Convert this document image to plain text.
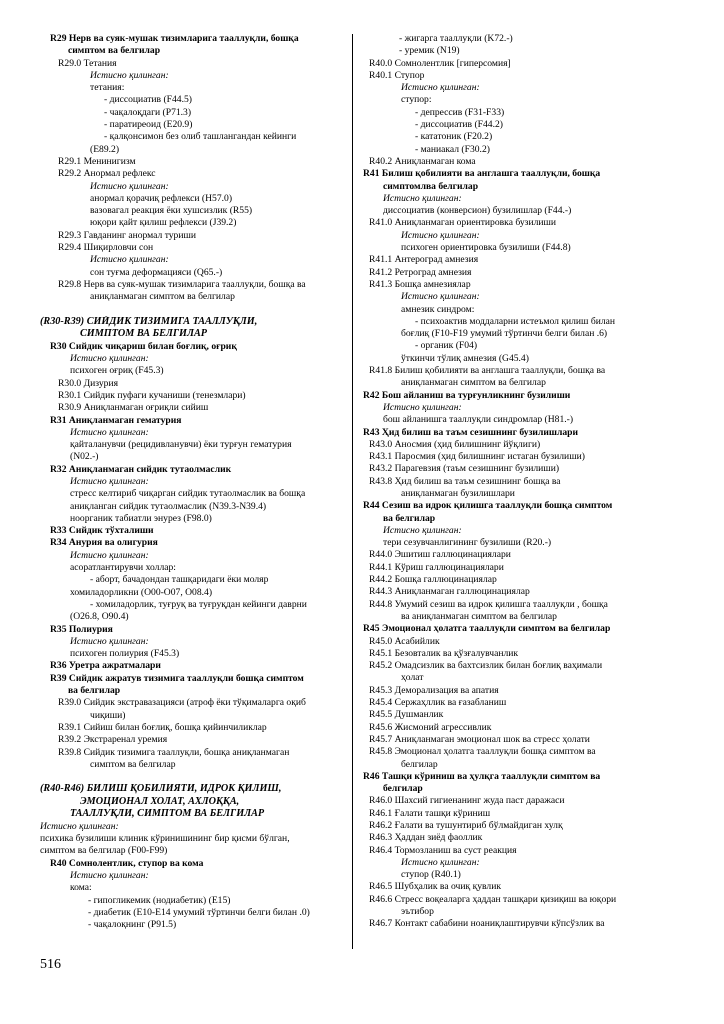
R29 Нерв ва суяк-мушак тизимларига тааллуқли, бошқа
симптом ва белгилар
R29.0 Тетания
Истисно қилинган:
тетания:
- диссоциатив (F44.5)
- чақалоқдаги (P71.3)
- паратиреоид (E20.9)
- қалқонсимон без олиб ташлангандан кейинги
(E89.2)
R29.1 Менинигизм
R29.2 Анормал рефлекс
Истисно қилинган:
анормал қорачиқ рефлекси (H57.0)
вазовагал реакция ёки хушсизлик (R55)
юқори қайт қилиш рефлекси (J39.2)
R29.3 Гавданинг анормал туриши
R29.4 Шиқирловчи сон
Истисно қилинган:
сон туғма деформацияси (Q65.-)
R29.8 Нерв ва суяк-мушак тизимларига тааллуқли, бошқа ва
аниқланмаган симптом ва белгилар
(R30-R39) СИЙДИК ТИЗИМИГА ТААЛЛУҚЛИ,
СИМПТОМ ВА БЕЛГИЛАР
R30 Сийдик чиқариш билан боғлиқ, оғриқ
Истисно қилинган:
психоген оғриқ (F45.3)
R30.0 Дизурия
R30.1 Сийдик пуфаги кучаниши (тенезмлари)
R30.9 Аниқланмаган оғриқли сийиш
R31 Аниқланмаган гематурия
Истисно қилинган:
қайталанувчи (рецидивланувчи) ёки турғун гематурия
(N02.-)
R32 Аниқланмаган сийдик тутаолмаслик
Истисно қилинган:
стресс келтириб чиқарган сийдик тутаолмаслик ва бошқа
аниқланган сийдик тутаолмаслик (N39.3-N39.4)
ноорганик табиатли энурез (F98.0)
R33 Сийдик тўхталиши
R34 Анурия ва олигурия
Истисно қилинган:
асоратлантирувчи холлар:
- аборт, бачадондан ташқаридаги ёки моляр
хомиладорликни (O00-O07, O08.4)
- хомиладорлик, туғруқ ва туғруқдан кейинги даврни
(O26.8, O90.4)
R35 Полиурия
Истисно қилинган:
психоген полиурия (F45.3)
R36 Уретра ажратмалари
R39 Сийдик ажратув тизимига тааллуқли бошқа симптом
ва белгилар
R39.0 Сийдик экстравазацияси (атроф ёки тўқималарга оқиб
чиқиши)
R39.1 Сийиш билан боғлиқ, бошқа қийинчиликлар
R39.2 Экстраренал уремия
R39.8 Сийдик тизимига тааллуқли, бошқа аниқланмаган
симптом ва белгилар
(R40-R46) БИЛИШ ҚОБИЛИЯТИ, ИДРОК ҚИЛИШ,
ЭМОЦИОНАЛ ХОЛАТ, АХЛОҚҚА,
ТААЛЛУҚЛИ, СИМПТОМ ВА БЕЛГИЛАР
Истисно қилинган:
психика бузилиши клиник кўринишининг бир қисми бўлган,
симптом ва белгилар (F00-F99)
R40 Сомнолентлик, ступор ва кома
Истисно қилинган:
кома:
- гипогликемик (нодиабетик) (E15)
- диабетик (E10-E14 умумий тўртинчи белги билан .0)
- чақалоқнинг (P91.5)
- жигарга тааллуқли (K72.-)
- уремик (N19)
R40.0 Сомнолентлик [гиперсомия]
R40.1 Ступор
Истисно қилинган:
ступор:
- депрессив (F31-F33)
- диссоциатив (F44.2)
- кататоник (F20.2)
- маниакал (F30.2)
R40.2 Аниқланмаган кома
R41 Билиш қобилияти ва англашга тааллуқли, бошқа
симптомлва белгилар
Истисно қилинган:
диссоциатив (конверсион) бузилишлар (F44.-)
R41.0 Аниқланмаган ориентировка бузилиши
Истисно қилинган:
психоген ориентировка бузилиши (F44.8)
R41.1 Антероград амнезия
R41.2 Ретроград амнезия
R41.3 Бошқа амнезиялар
Истисно қилинган:
амнезик синдром:
- психоактив моддаларни истеъмол қилиш билан
боғлиқ (F10-F19 умумий тўртинчи белги билан .6)
- органик (F04)
ўткинчи тўлиқ амнезия (G45.4)
R41.8 Билиш қобилияти ва англашга тааллуқли, бошқа ва
аниқланмаган симптом ва белгилар
R42 Бош айланиш ва турғунликнинг бузилиши
Истисно қилинган:
бош айланишга тааллуқли синдромлар (H81.-)
R43 Ҳид билиш ва таъм сезишнинг бузилишлари
R43.0 Аносмия (ҳид билишнинг йўқлиги)
R43.1 Паросмия (ҳид билишнинг истаган бузилиши)
R43.2 Парагевзия (таъм сезишнинг бузилиши)
R43.8 Ҳид билиш ва таъм сезишнинг бошқа ва
аниқланмаган бузилишлари
R44 Сезиш ва идрок қилишга тааллуқли бошқа симптом
ва белгилар
Истисно қилинган:
тери сезувчанлигининг бузилиши (R20.-)
R44.0 Эшитиш галлюцинациялари
R44.1 Кўриш галлюцинациялари
R44.2 Бошқа галлюцинациялар
R44.3 Аниқланмаган галлюцинациялар
R44.8 Умумий сезиш ва идрок қилишга тааллуқли , бошқа
ва аниқланмаган симптом ва белгилар
R45 Эмоционал ҳолатга тааллуқли симптом ва белгилар
R45.0 Асабийлик
R45.1 Безовталик ва қўзғалувчанлик
R45.2 Омадсизлик ва бахтсизлик билан боғлиқ ваҳимали
ҳолат
R45.3 Деморализация ва апатия
R45.4 Сержаҳллик ва ғазабланиш
R45.5 Душманлик
R45.6 Жисмоний агрессивлик
R45.7 Аниқланмаган эмоционал шок ва стресс ҳолати
R45.8 Эмоционал ҳолатга тааллуқли бошқа симптом ва
белгилар
R46 Ташқи кўриниш ва ҳулқга тааллуқли симптом ва
белгилар
R46.0 Шахсий гигиенанинг жуда паст даражаси
R46.1 Ғалати ташқи кўриниш
R46.2 Ғалати ва тушунтириб бўлмайдиган хулқ
R46.3 Ҳаддан зиёд фаоллик
R46.4 Тормозланиш ва суст реакция
Истисно қилинган:
ступор (R40.1)
R46.5 Шубҳалик ва очиқ қувлик
R46.6 Стресс воқеаларга ҳаддан ташқари қизиқиш ва юқори
эътибор
R46.7 Контакт сабабини ноаниқлаштирувчи кўпсўзлик ва
516
